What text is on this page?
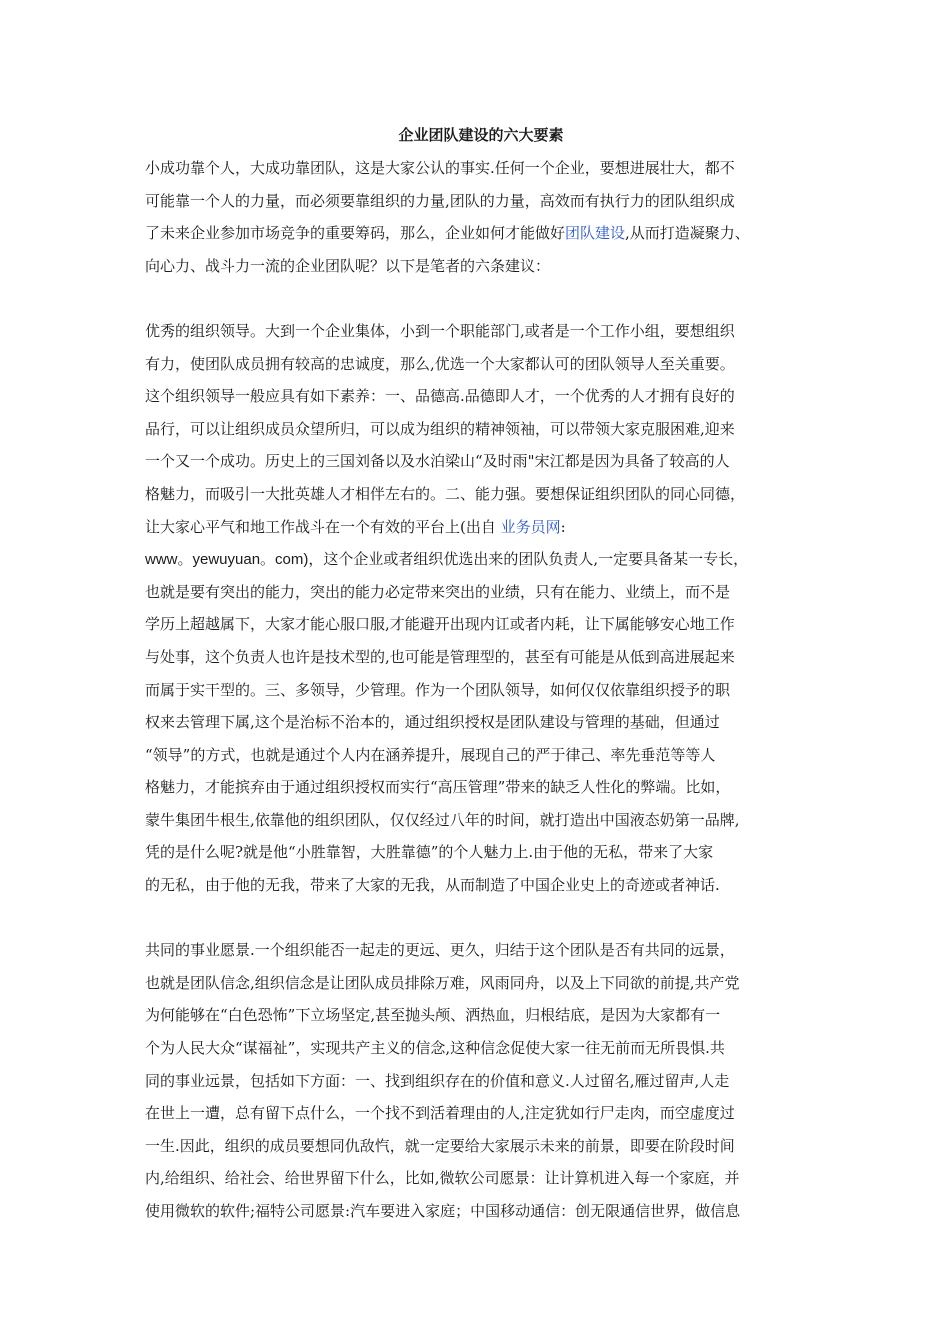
企业团队建设的六大要素
小成功靠个人，大成功靠团队，这是大家公认的事实.任何一个企业，要想进展壮大，都不
可能靠一个人的力量，而必须要靠组织的力量,团队的力量，高效而有执行力的团队组织成
了未来企业参加市场竞争的重要筹码，那么，企业如何才能做好团队建设,从而打造凝聚力、
向心力、战斗力一流的企业团队呢？以下是笔者的六条建议：
优秀的组织领导。大到一个企业集体，小到一个职能部门,或者是一个工作小组，要想组织
有力，使团队成员拥有较高的忠诚度，那么,优选一个大家都认可的团队领导人至关重要。
这个组织领导一般应具有如下素养：一、品德高.品德即人才，一个优秀的人才拥有良好的
品行，可以让组织成员众望所归，可以成为组织的精神领袖，可以带领大家克服困难,迎来
一个又一个成功。历史上的三国刘备以及水泊梁山“及时雨"宋江都是因为具备了较高的人
格魅力，而吸引一大批英雄人才相伴左右的。二、能力强。要想保证组织团队的同心同德，
让大家心平气和地工作战斗在一个有效的平台上(出自 业务员网:
www。yewuyuan。com)，这个企业或者组织优选出来的团队负责人,一定要具备某一专长，
也就是要有突出的能力，突出的能力必定带来突出的业绩，只有在能力、业绩上，而不是
学历上超越属下，大家才能心服口服,才能避开出现内讧或者内耗，让下属能够安心地工作
与处事，这个负责人也许是技术型的,也可能是管理型的，甚至有可能是从低到高进展起来
而属于实干型的。三、多领导，少管理。作为一个团队领导，如何仅仅依靠组织授予的职
权来去管理下属,这个是治标不治本的，通过组织授权是团队建设与管理的基础，但通过
“领导”的方式，也就是通过个人内在涵养提升，展现自己的严于律己、率先垂范等等人
格魅力，才能摈弃由于通过组织授权而实行“高压管理”带来的缺乏人性化的弊端。比如，
蒙牛集团牛根生,依靠他的组织团队，仅仅经过八年的时间，就打造出中国液态奶第一品牌,
凭的是什么呢?就是他“小胜靠智，大胜靠德”的个人魅力上.由于他的无私，带来了大家
的无私，由于他的无我，带来了大家的无我，从而制造了中国企业史上的奇迹或者神话.
共同的事业愿景.一个组织能否一起走的更远、更久，归结于这个团队是否有共同的远景，
也就是团队信念,组织信念是让团队成员排除万难，风雨同舟，以及上下同欲的前提,共产党
为何能够在“白色恐怖”下立场坚定,甚至抛头颅、洒热血，归根结底，是因为大家都有一
个为人民大众“谋福祉”，实现共产主义的信念,这种信念促使大家一往无前而无所畏惧.共
同的事业远景，包括如下方面：一、找到组织存在的价值和意义.人过留名,雁过留声,人走
在世上一遭，总有留下点什么，一个找不到活着理由的人,注定犹如行尸走肉，而空虚度过
一生.因此，组织的成员要想同仇敌忾，就一定要给大家展示未来的前景，即要在阶段时间
内,给组织、给社会、给世界留下什么，比如,微软公司愿景：让计算机进入每一个家庭，并
使用微软的软件;福特公司愿景:汽车要进入家庭；中国移动通信：创无限通信世界，做信息
